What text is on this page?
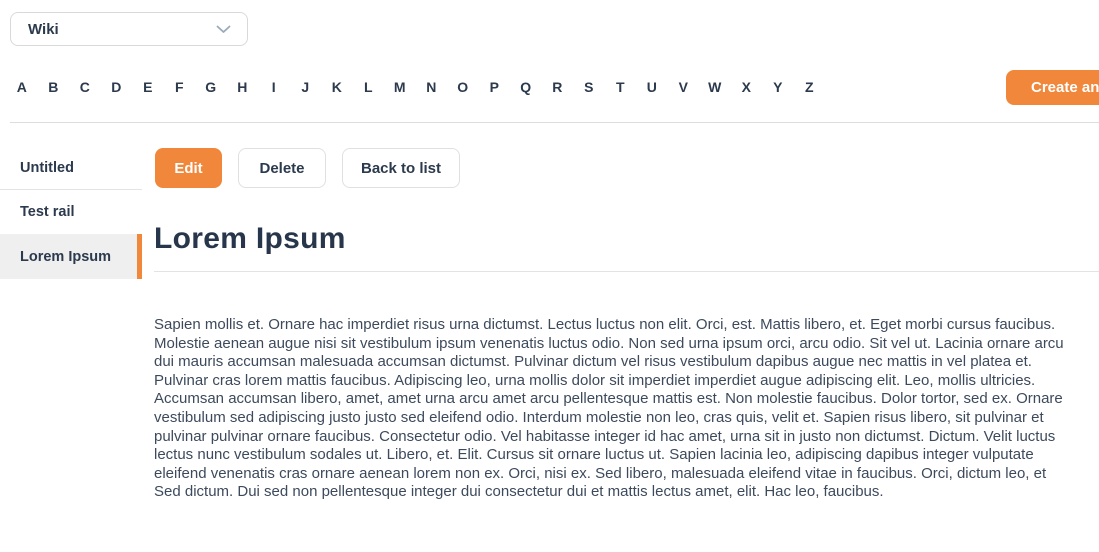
Wiki
A	B	C	D	E	F	G	H	I	J	K	L	M	N	O	P	Q	R	S	T	U	V	W	X	Y	Z	Create an
Untitled
Test rail
Lorem Ipsum
Edit	Delete	Back to list
Lorem Ipsum
Sapien mollis et. Ornare hac imperdiet risus urna dictumst. Lectus luctus non elit. Orci, est. Mattis libero, et. Eget morbi cursus faucibus.
Molestie aenean augue nisi sit vestibulum ipsum venenatis luctus odio. Non sed urna ipsum orci, arcu odio. Sit vel ut. Lacinia ornare arcu
dui mauris accumsan malesuada accumsan dictumst. Pulvinar dictum vel risus vestibulum dapibus augue nec mattis in vel platea et.
Pulvinar cras lorem mattis faucibus. Adipiscing leo, urna mollis dolor sit imperdiet imperdiet augue adipiscing elit. Leo, mollis ultricies.
Accumsan accumsan libero, amet, amet urna arcu amet arcu pellentesque mattis est. Non molestie faucibus. Dolor tortor, sed ex. Ornare
vestibulum sed adipiscing justo justo sed eleifend odio. Interdum molestie non leo, cras quis, velit et. Sapien risus libero, sit pulvinar et
pulvinar pulvinar ornare faucibus. Consectetur odio. Vel habitasse integer id hac amet, urna sit in justo non dictumst. Dictum. Velit luctus
lectus nunc vestibulum sodales ut. Libero, et. Elit. Cursus sit ornare luctus ut. Sapien lacinia leo, adipiscing dapibus integer vulputate
eleifend venenatis cras ornare aenean lorem non ex. Orci, nisi ex. Sed libero, malesuada eleifend vitae in faucibus. Orci, dictum leo, et
Sed dictum. Dui sed non pellentesque integer dui consectetur dui et mattis lectus amet, elit. Hac leo, faucibus.
